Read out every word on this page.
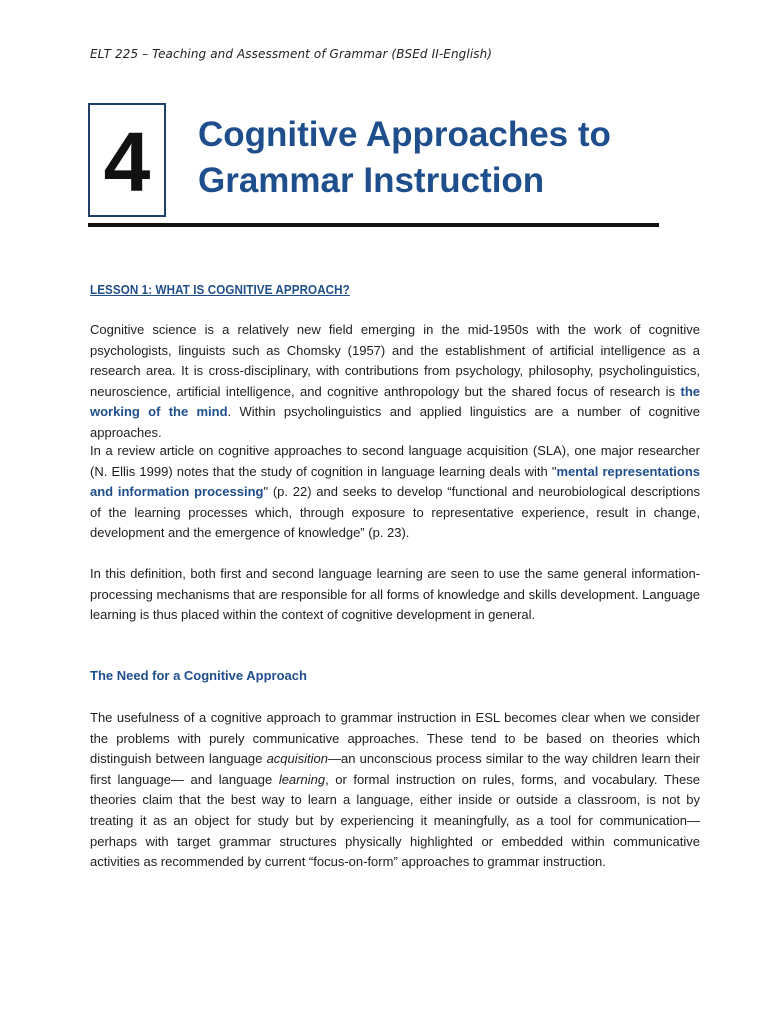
ELT 225 – Teaching and Assessment of Grammar (BSEd II-English)
4 Cognitive Approaches to
Grammar Instruction
LESSON 1: WHAT IS COGNITIVE APPROACH?

Cognitive science is a relatively new field emerging in the mid-1950s with the work of cognitive psychologists, linguists such as Chomsky (1957) and the establishment of artificial intelligence as a research area. It is cross-disciplinary, with contributions from psychology, philosophy, psycholinguistics, neuroscience, artificial intelligence, and cognitive anthropology but the shared focus of research is the working of the mind. Within psycholinguistics and applied linguistics are a number of cognitive approaches.

In a review article on cognitive approaches to second language acquisition (SLA), one major researcher (N. Ellis 1999) notes that the study of cognition in language learning deals with "mental representations and information processing" (p. 22) and seeks to develop “functional and neurobiological descriptions of the learning processes which, through exposure to representative experience, result in change, development and the emergence of knowledge” (p. 23).

In this definition, both first and second language learning are seen to use the same general information-processing mechanisms that are responsible for all forms of knowledge and skills development. Language learning is thus placed within the context of cognitive development in general.

The Need for a Cognitive Approach

The usefulness of a cognitive approach to grammar instruction in ESL becomes clear when we consider the problems with purely communicative approaches. These tend to be based on theories which distinguish between language acquisition—an unconscious process similar to the way children learn their first language— and language learning, or formal instruction on rules, forms, and vocabulary. These theories claim that the best way to learn a language, either inside or outside a classroom, is not by treating it as an object for study but by experiencing it meaningfully, as a tool for communication— perhaps with target grammar structures physically highlighted or embedded within communicative activities as recommended by current “focus-on-form” approaches to grammar instruction.
